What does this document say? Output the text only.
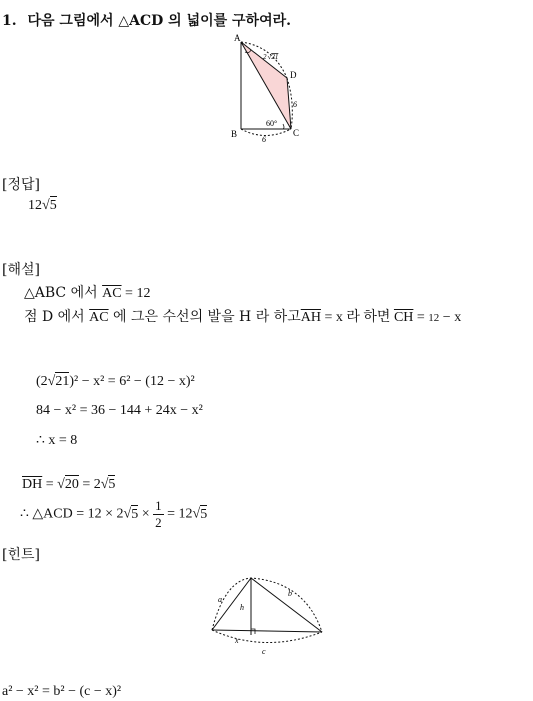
1. 다음 그림에서 △ACD 의 넓이를 구하여라.
A
B	C
D
2√21
6
6
60°
[정답]
12√5
[해설]
△ABC 에서 $\overline{AC} = 12$
점 D 에서 $\overline{AC}$ 에 그은 수선의 발을 H 라 하고$\overline{AH} = x$ 라 하면 $\overline{CH} = 12 - x$
(2√21)² − x² = 6² − (12 − x)²
84 − x² = 36 − 144 + 24x − x²
∴ x = 8
$\overline{DH} = √20 = 2√5$
∴ △ACD = $12 \times 2√5 \times \frac{1}{2} = 12√5$
[힌트]
a
b
h
x
c
a² − x² = b² − (c − x)²
